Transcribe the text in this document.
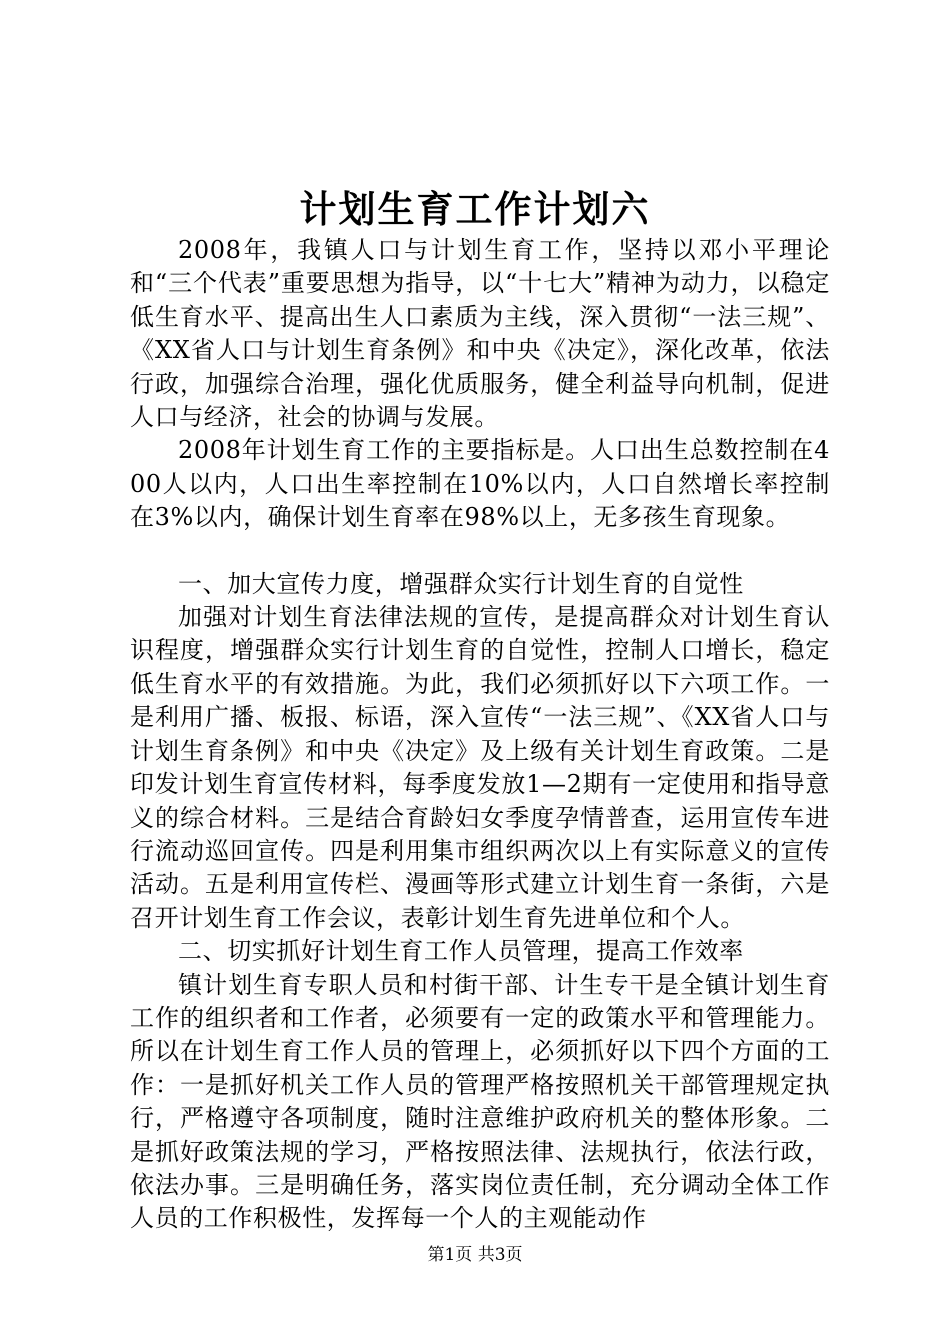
计划生育工作计划六

2008年，我镇人口与计划生育工作，坚持以邓小平理论和“三个代表”重要思想为指导，以“十七大”精神为动力，以稳定低生育水平、提高出生人口素质为主线，深入贯彻“一法三规”、《XX省人口与计划生育条例》和中央《决定》，深化改革，依法行政，加强综合治理，强化优质服务，健全利益导向机制，促进人口与经济，社会的协调与发展。

2008年计划生育工作的主要指标是。人口出生总数控制在400人以内，人口出生率控制在10%以内，人口自然增长率控制在3%以内，确保计划生育率在98%以上，无多孩生育现象。

一、加大宣传力度，增强群众实行计划生育的自觉性

加强对计划生育法律法规的宣传，是提高群众对计划生育认识程度，增强群众实行计划生育的自觉性，控制人口增长，稳定低生育水平的有效措施。为此，我们必须抓好以下六项工作。一是利用广播、板报、标语，深入宣传“一法三规”、《XX省人口与计划生育条例》和中央《决定》及上级有关计划生育政策。二是印发计划生育宣传材料，每季度发放1—2期有一定使用和指导意义的综合材料。三是结合育龄妇女季度孕情普查，运用宣传车进行流动巡回宣传。四是利用集市组织两次以上有实际意义的宣传活动。五是利用宣传栏、漫画等形式建立计划生育一条街，六是召开计划生育工作会议，表彰计划生育先进单位和个人。

二、切实抓好计划生育工作人员管理，提高工作效率

镇计划生育专职人员和村街干部、计生专干是全镇计划生育工作的组织者和工作者，必须要有一定的政策水平和管理能力。所以在计划生育工作人员的管理上，必须抓好以下四个方面的工作：一是抓好机关工作人员的管理严格按照机关干部管理规定执行，严格遵守各项制度，随时注意维护政府机关的整体形象。二是抓好政策法规的学习，严格按照法律、法规执行，依法行政，依法办事。三是明确任务，落实岗位责任制，充分调动全体工作人员的工作积极性，发挥每一个人的主观能动作

第1页 共3页
